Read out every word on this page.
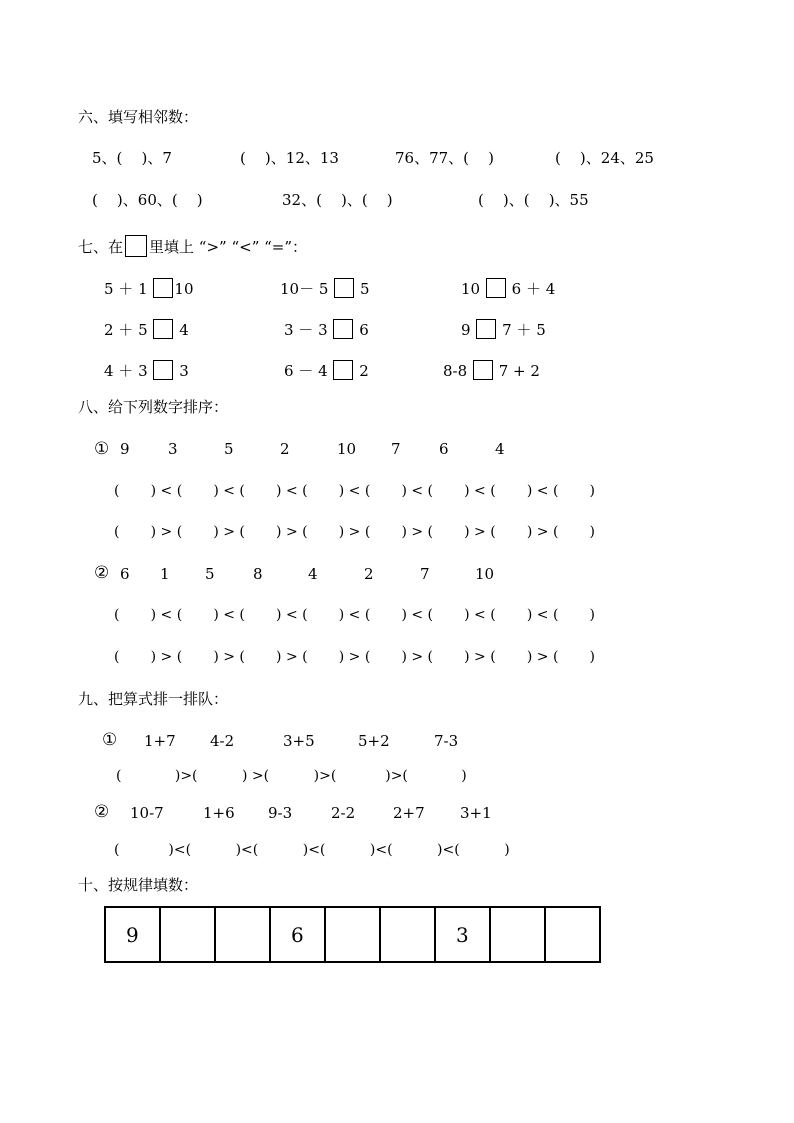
六、填写相邻数：
5、(    )、7	(    )、12、13	76、77、(    )	(    )、24、25
(    )、60、(    )	32、(    )、(    )	(    )、(    )、55
七、在 里填上 “>” “<” “=”：
5 ＋ 1 10	10－ 5 5	10 6 ＋ 4
2 ＋ 5 4	3 － 3 6	9 7 ＋ 5
4 ＋ 3 3	6 － 4 2	8-8 7 + 2
八、给下列数字排序：
① 9	3	5	2	10 7	6	4
(       ) < (       ) < (       ) < (       ) < (       ) < (       ) < (       ) < (       )
(       ) > (       ) > (       ) > (       ) > (       ) > (       ) > (       ) > (       )
② 6 1 5	8	4	2	7	10
(       ) < (       ) < (       ) < (       ) < (       ) < (       ) < (       ) < (       )
(       ) > (       ) > (       ) > (       ) > (       ) > (       ) > (       ) > (       )
九、把算式排一排队：
① 1+7 4-2	3+5	5+2	7-3
(            )>(          ) >(          )>(           )>(            )
② 10-7	1+6 9-3	2-2	2+7 3+1
(           )<(          )<(          )<(          )<(          )<(          )
十、按规律填数：
9			6			3		
